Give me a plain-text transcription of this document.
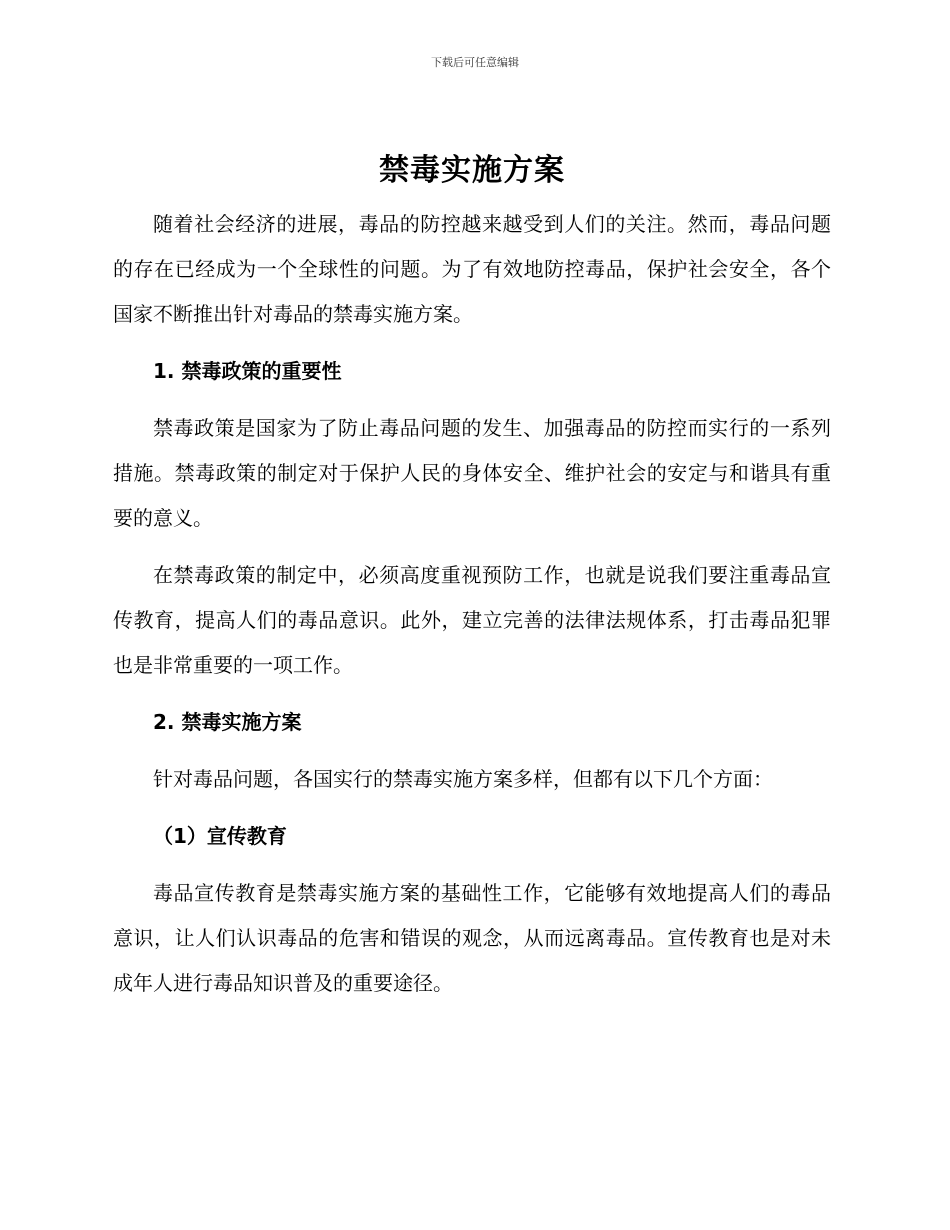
下载后可任意编辑
禁毒实施方案

随着社会经济的进展，毒品的防控越来越受到人们的关注。然而，毒品问题的存在已经成为一个全球性的问题。为了有效地防控毒品，保护社会安全，各个国家不断推出针对毒品的禁毒实施方案。

1. 禁毒政策的重要性

禁毒政策是国家为了防止毒品问题的发生、加强毒品的防控而实行的一系列措施。禁毒政策的制定对于保护人民的身体安全、维护社会的安定与和谐具有重要的意义。

在禁毒政策的制定中，必须高度重视预防工作，也就是说我们要注重毒品宣传教育，提高人们的毒品意识。此外，建立完善的法律法规体系，打击毒品犯罪也是非常重要的一项工作。

2. 禁毒实施方案

针对毒品问题，各国实行的禁毒实施方案多样，但都有以下几个方面：

（1）宣传教育

毒品宣传教育是禁毒实施方案的基础性工作，它能够有效地提高人们的毒品意识，让人们认识毒品的危害和错误的观念，从而远离毒品。宣传教育也是对未成年人进行毒品知识普及的重要途径。
